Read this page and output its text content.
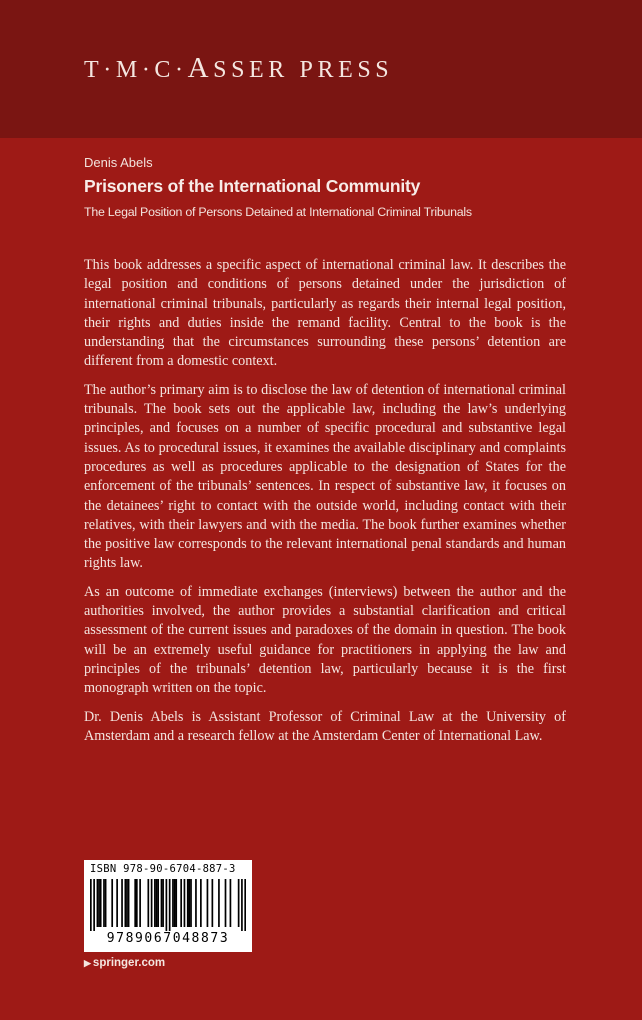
T·M·C·ASSER PRESS
Denis Abels
Prisoners of the International Community
The Legal Position of Persons Detained at International Criminal Tribunals

This book addresses a specific aspect of international criminal law. It describes the legal position and conditions of persons detained under the jurisdiction of international criminal tribunals, particularly as regards their internal legal position, their rights and duties inside the remand facility. Central to the book is the understanding that the circumstances surrounding these persons’ detention are different from a domestic context.

The author’s primary aim is to disclose the law of detention of international criminal tribunals. The book sets out the applicable law, including the law’s underlying principles, and focuses on a number of specific procedural and substantive legal issues. As to procedural issues, it examines the available disciplinary and complaints procedures as well as procedures applicable to the designation of States for the enforcement of the tribunals’ sentences. In respect of substantive law, it focuses on the detainees’ right to contact with the outside world, including contact with their relatives, with their lawyers and with the media. The book further examines whether the positive law corresponds to the relevant international penal standards and human rights law.

As an outcome of immediate exchanges (interviews) between the author and the authorities involved, the author provides a substantial clarification and critical assessment of the current issues and paradoxes of the domain in question. The book will be an extremely useful guidance for practitioners in applying the law and principles of the tribunals’ detention law, particularly because it is the first monograph written on the topic.

Dr. Denis Abels is Assistant Professor of Criminal Law at the University of Amsterdam and a research fellow at the Amsterdam Center of International Law.

ISBN 978-90-6704-887-3
9789067048873
▶ springer.com
